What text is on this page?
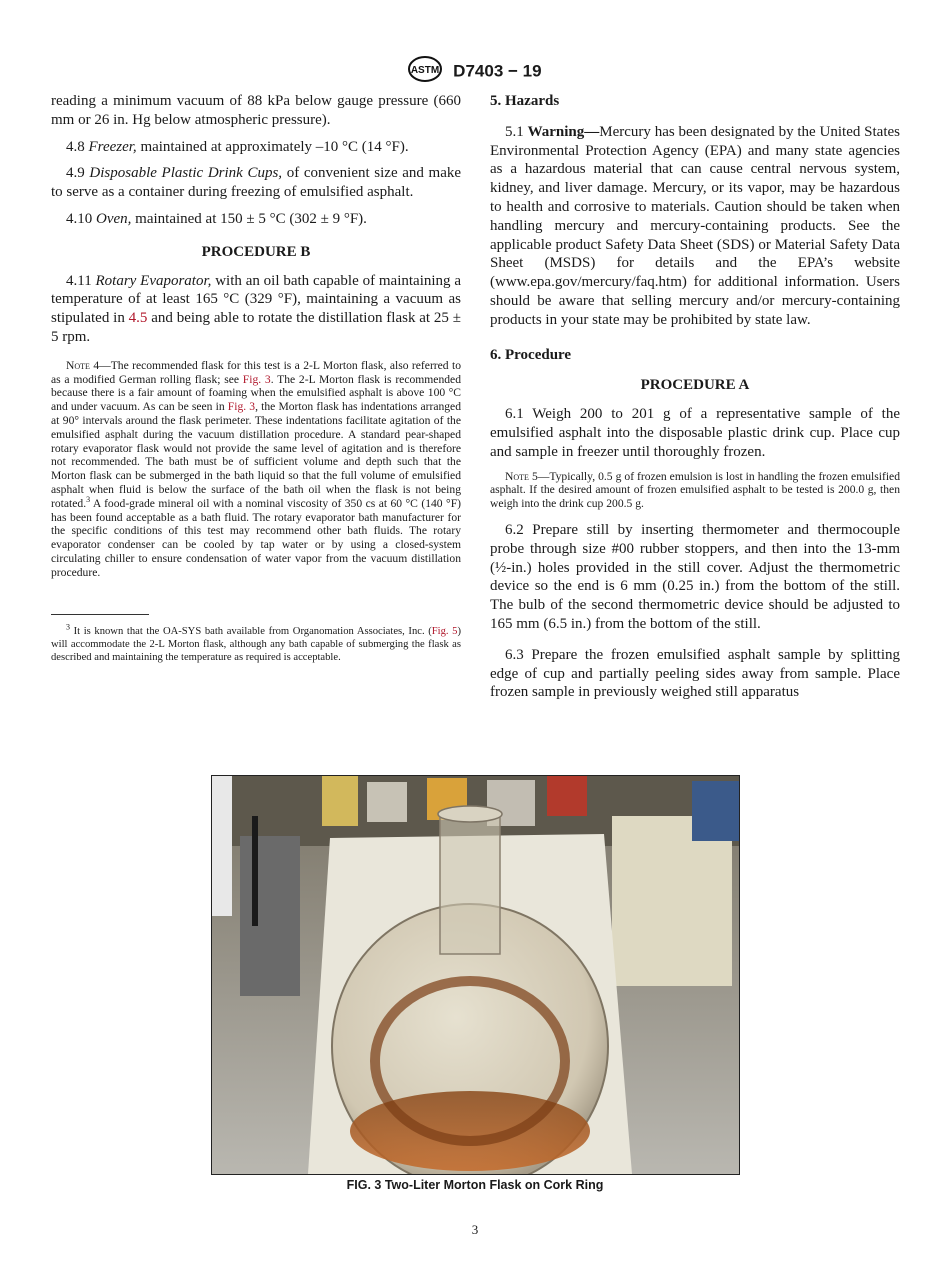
ASTM D7403 − 19

reading a minimum vacuum of 88 kPa below gauge pressure (660 mm or 26 in. Hg below atmospheric pressure).

4.8 Freezer, maintained at approximately –10 °C (14 °F).

4.9 Disposable Plastic Drink Cups, of convenient size and make to serve as a container during freezing of emulsified asphalt.

4.10 Oven, maintained at 150 ± 5 °C (302 ± 9 °F).

PROCEDURE B

4.11 Rotary Evaporator, with an oil bath capable of maintaining a temperature of at least 165 °C (329 °F), maintaining a vacuum as stipulated in 4.5 and being able to rotate the distillation flask at 25 ± 5 rpm.

Note 4—The recommended flask for this test is a 2-L Morton flask, also referred to as a modified German rolling flask; see Fig. 3. The 2-L Morton flask is recommended because there is a fair amount of foaming when the emulsified asphalt is above 100 °C and under vacuum. As can be seen in Fig. 3, the Morton flask has indentations arranged at 90° intervals around the flask perimeter. These indentations facilitate agitation of the emulsified asphalt during the vacuum distillation procedure. A standard pear-shaped rotary evaporator flask would not provide the same level of agitation and is therefore not recommended. The bath must be of sufficient volume and depth such that the Morton flask can be submerged in the bath liquid so that the full volume of emulsified asphalt when fluid is below the surface of the bath oil when the flask is not being rotated.$^3$ A food-grade mineral oil with a nominal viscosity of 350 cs at 60 °C (140 °F) has been found acceptable as a bath fluid. The rotary evaporator bath manufacturer for the specific conditions of this test may recommend other bath fluids. The rotary evaporator condenser can be cooled by tap water or by using a closed-system circulating chiller to ensure condensation of water vapor from the vacuum distillation procedure.

$^3$ It is known that the OA-SYS bath available from Organomation Associates, Inc. (Fig. 5) will accommodate the 2-L Morton flask, although any bath capable of submerging the flask as described and maintaining the temperature as required is acceptable.

5. Hazards

5.1 Warning—Mercury has been designated by the United States Environmental Protection Agency (EPA) and many state agencies as a hazardous material that can cause central nervous system, kidney, and liver damage. Mercury, or its vapor, may be hazardous to health and corrosive to materials. Caution should be taken when handling mercury and mercury-containing products. See the applicable product Safety Data Sheet (SDS) or Material Safety Data Sheet (MSDS) for details and the EPA’s website (www.epa.gov/mercury/faq.htm) for additional information. Users should be aware that selling mercury and/or mercury-containing products in your state may be prohibited by state law.

6. Procedure
PROCEDURE A

6.1 Weigh 200 to 201 g of a representative sample of the emulsified asphalt into the disposable plastic drink cup. Place cup and sample in freezer until thoroughly frozen.

Note 5—Typically, 0.5 g of frozen emulsion is lost in handling the frozen emulsified asphalt. If the desired amount of frozen emulsified asphalt to be tested is 200.0 g, then weigh into the drink cup 200.5 g.

6.2 Prepare still by inserting thermometer and thermocouple probe through size #00 rubber stoppers, and then into the 13-mm (½-in.) holes provided in the still cover. Adjust the thermometric device so the end is 6 mm (0.25 in.) from the bottom of the still. The bulb of the second thermometric device should be adjusted to 165 mm (6.5 in.) from the bottom of the still.

6.3 Prepare the frozen emulsified asphalt sample by splitting edge of cup and partially peeling sides away from sample. Place frozen sample in previously weighed still apparatus

FIG. 3 Two-Liter Morton Flask on Cork Ring
3
